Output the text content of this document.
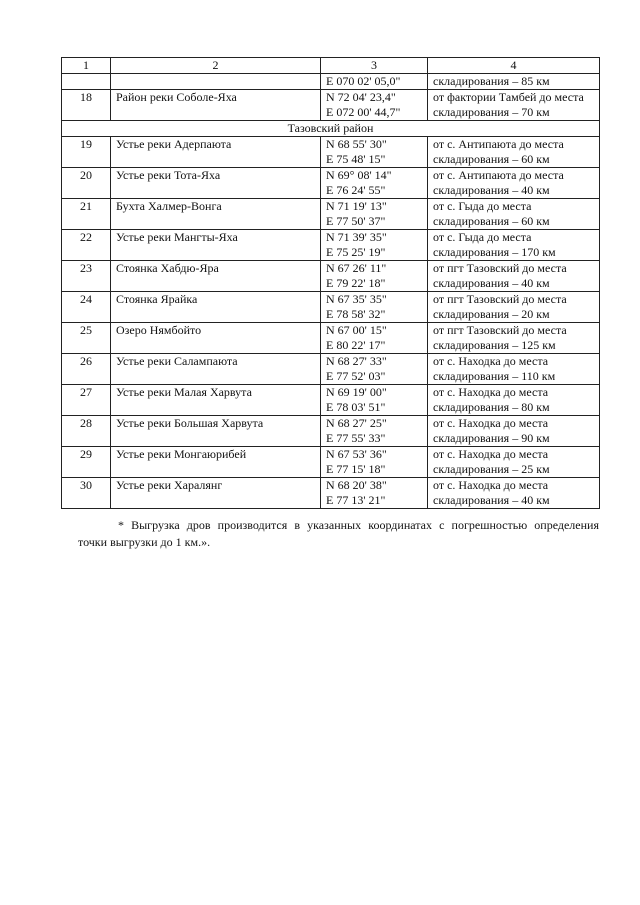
1	2	3	4

		E 070 02' 05,0"	складирования – 85 км

18	Район реки Соболе-Яха	N 72 04' 23,4"
E 072 00' 44,7"	от фактории Тамбей до места
складирования – 70 км

Тазовский район			
19	Устье реки Адерпаюта	N 68 55' 30"
E 75 48' 15"	от с. Антипаюта до места
складирования – 60 км

20	Устье реки Тота-Яха	N 69° 08' 14"
E 76 24' 55"	от с. Антипаюта до места
складирования – 40 км

21	Бухта Халмер-Вонга	N 71 19' 13"
E 77 50' 37"	от с. Гыда до места
складирования – 60 км

22	Устье реки Мангты-Яха	N 71 39' 35"
E 75 25' 19"	от с. Гыда до места
складирования – 170 км

23	Стоянка Хабдю-Яра	N 67 26' 11"
E 79 22' 18"	от пгт Тазовский до места
складирования – 40 км

24	Стоянка Ярайка	N 67 35' 35"
E 78 58' 32"	от пгт Тазовский до места
складирования – 20 км

25	Озеро Нямбойто	N 67 00' 15"
E 80 22' 17"	от пгт Тазовский до места
складирования – 125 км

26	Устье реки Салампаюта	N 68 27' 33"
E 77 52' 03"	от с. Находка до места
складирования – 110 км

27	Устье реки Малая Харвута	N 69 19' 00"
E 78 03' 51"	от с. Находка до места
складирования – 80 км

28	Устье реки Большая Харвута	N 68 27' 25"
E 77 55' 33"	от с. Находка до места
складирования – 90 км

29	Устье реки Монгаюрибей	N 67 53' 36"
E 77 15' 18"	от с. Находка до места
складирования – 25 км

30	Устье реки Харалянг	N 68 20' 38"
E 77 13' 21"	от с. Находка до места
складирования – 40 км
* Выгрузка дров производится в указанных координатах с погрешностью определения
точки выгрузки до 1 км.».
